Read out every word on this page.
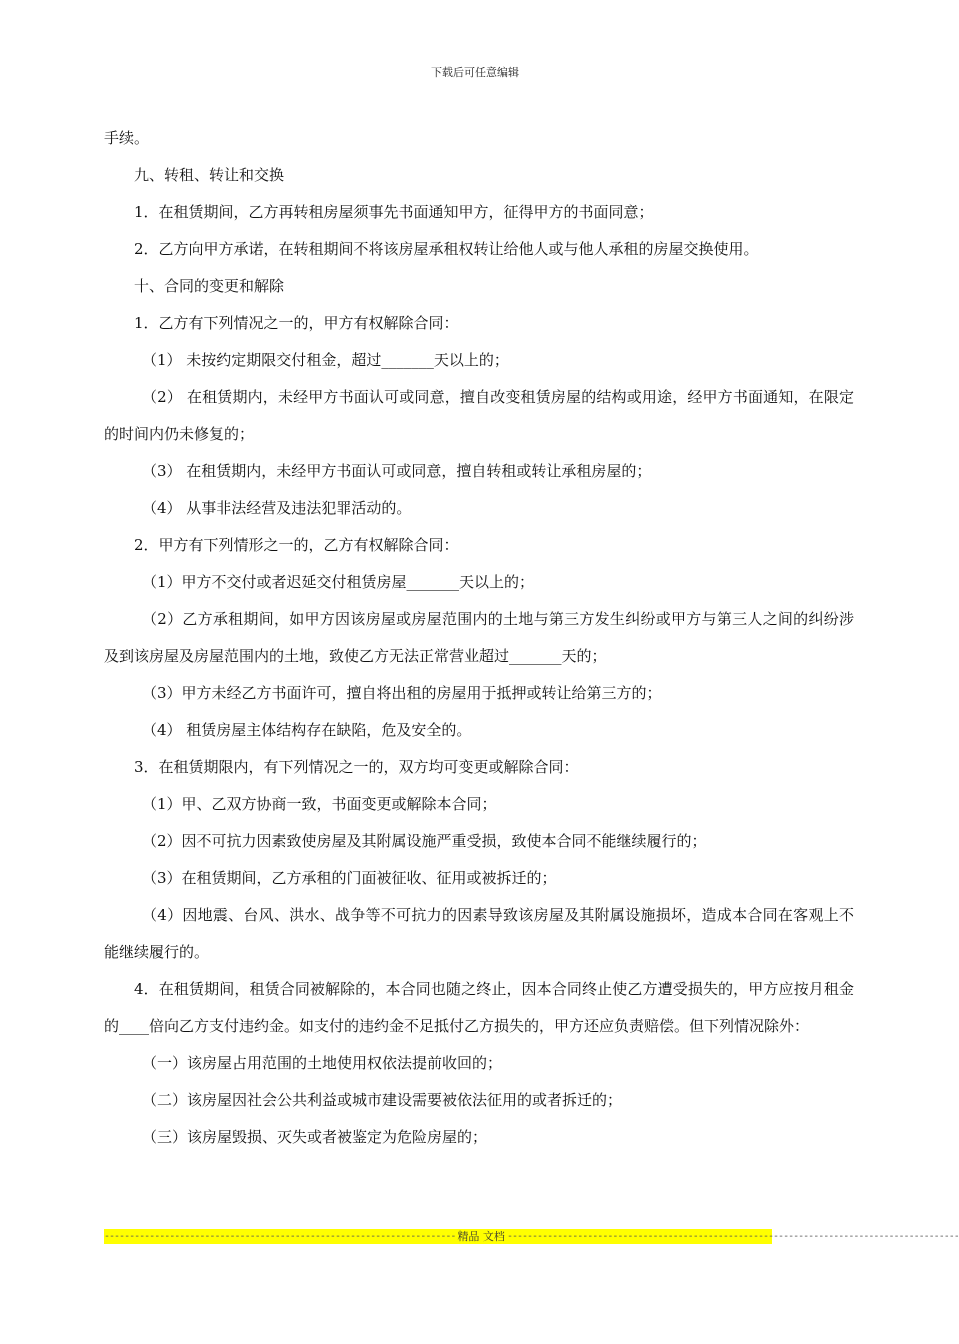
下载后可任意编辑

手续。

九、转租、转让和交换

1．在租赁期间，乙方再转租房屋须事先书面通知甲方，征得甲方的书面同意；

2．乙方向甲方承诺，在转租期间不将该房屋承租权转让给他人或与他人承租的房屋交换使用。

十、合同的变更和解除

1．乙方有下列情况之一的，甲方有权解除合同：

（1） 未按约定期限交付租金，超过_______天以上的；

（2） 在租赁期内，未经甲方书面认可或同意，擅自改变租赁房屋的结构或用途，经甲方书面通知，在限定的时间内仍未修复的；

（3） 在租赁期内，未经甲方书面认可或同意，擅自转租或转让承租房屋的；

（4） 从事非法经营及违法犯罪活动的。

2．甲方有下列情形之一的，乙方有权解除合同：

（1）甲方不交付或者迟延交付租赁房屋_______天以上的；

（2）乙方承租期间，如甲方因该房屋或房屋范围内的土地与第三方发生纠纷或甲方与第三人之间的纠纷涉及到该房屋及房屋范围内的土地，致使乙方无法正常营业超过_______天的；

（3）甲方未经乙方书面许可，擅自将出租的房屋用于抵押或转让给第三方的；

（4） 租赁房屋主体结构存在缺陷，危及安全的。

3．在租赁期限内，有下列情况之一的，双方均可变更或解除合同：

（1）甲、乙双方协商一致，书面变更或解除本合同；

（2）因不可抗力因素致使房屋及其附属设施严重受损，致使本合同不能继续履行的；

（3）在租赁期间，乙方承租的门面被征收、征用或被拆迁的；

（4）因地震、台风、洪水、战争等不可抗力的因素导致该房屋及其附属设施损坏，造成本合同在客观上不能继续履行的。

4．在租赁期间，租赁合同被解除的，本合同也随之终止，因本合同终止使乙方遭受损失的，甲方应按月租金的____倍向乙方支付违约金。如支付的违约金不足抵付乙方损失的，甲方还应负责赔偿。但下列情况除外：

（一）该房屋占用范围的土地使用权依法提前收回的；

（二）该房屋因社会公共利益或城市建设需要被依法征用的或者拆迁的；

（三）该房屋毁损、灭失或者被鉴定为危险房屋的；

---------------------------------------------------------------------- 精品 文档 ------------------------------------------------------------------------------------------
